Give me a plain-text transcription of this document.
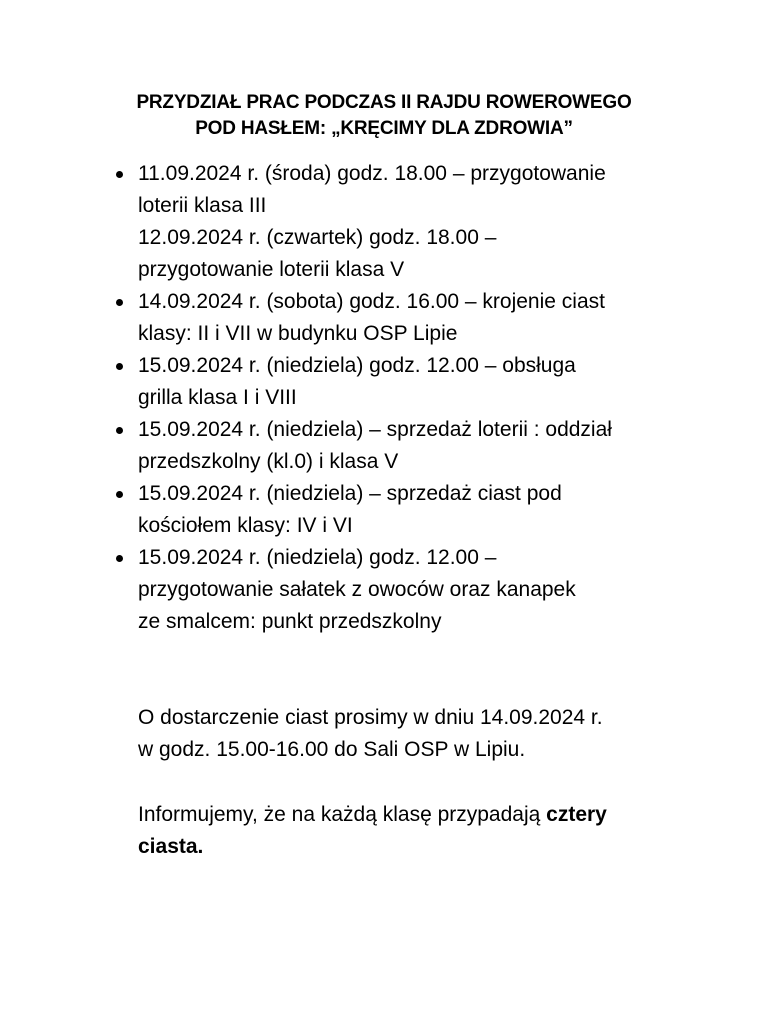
PRZYDZIAŁ PRAC PODCZAS II RAJDU ROWEROWEGO
POD HASŁEM: „KRĘCIMY DLA ZDROWIA”
11.09.2024 r. (środa) godz. 18.00 – przygotowanie
loterii klasa III
12.09.2024 r. (czwartek) godz. 18.00 –
przygotowanie loterii klasa V
14.09.2024 r. (sobota) godz. 16.00 – krojenie ciast
klasy: II i VII w budynku OSP Lipie
15.09.2024 r. (niedziela) godz. 12.00 – obsługa
grilla klasa I i VIII
15.09.2024 r. (niedziela) – sprzedaż loterii : oddział
przedszkolny (kl.0) i klasa V
15.09.2024 r. (niedziela) – sprzedaż ciast pod
kościołem klasy: IV i VI
15.09.2024 r. (niedziela) godz. 12.00 –
przygotowanie sałatek z owoców oraz kanapek
ze smalcem: punkt przedszkolny
O dostarczenie ciast prosimy w dniu 14.09.2024 r.
w godz. 15.00-16.00 do Sali OSP w Lipiu.
Informujemy, że na każdą klasę przypadają cztery
ciasta.
